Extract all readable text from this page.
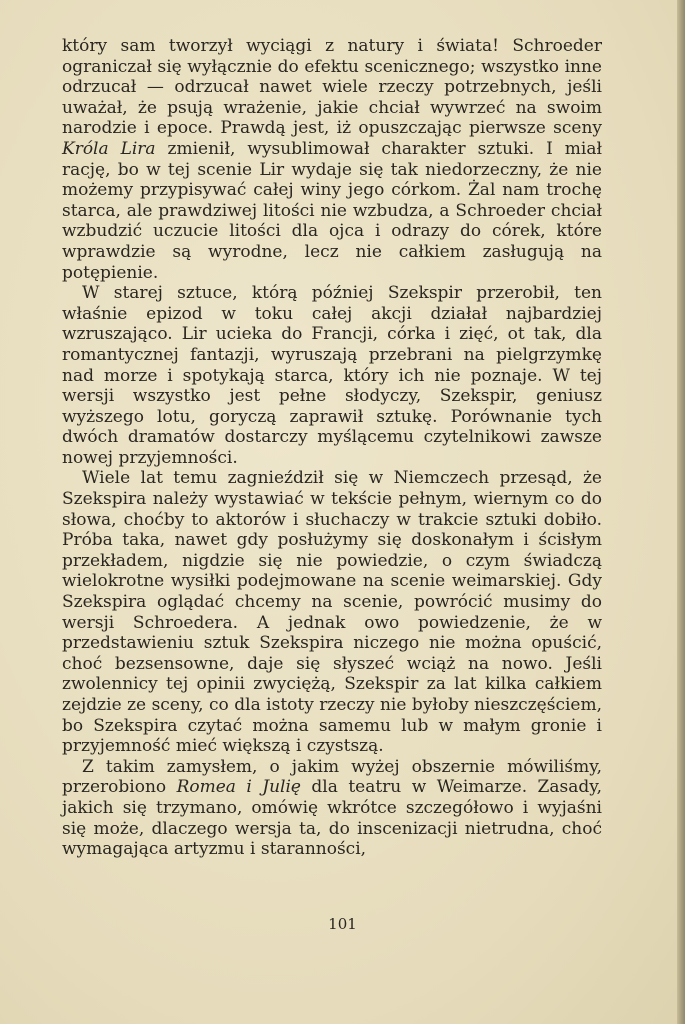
który sam tworzył wyciągi z natury i świata! Schroeder ograniczał się wyłącznie do efektu scenicznego; wszystko inne odrzucał — odrzucał nawet wiele rzeczy potrzebnych, jeśli uważał, że psują wrażenie, jakie chciał wywrzeć na swoim narodzie i epoce. Prawdą jest, iż opuszczając pierwsze sceny Króla Lira zmienił, wysublimował charakter sztuki. I miał rację, bo w tej scenie Lir wydaje się tak niedorzeczny, że nie możemy przypisywać całej winy jego córkom. Żal nam trochę starca, ale prawdziwej litości nie wzbudza, a Schroeder chciał wzbudzić uczucie litości dla ojca i odrazy do córek, które wprawdzie są wyrodne, lecz nie całkiem zasługują na potępienie.

W starej sztuce, którą później Szekspir przerobił, ten właśnie epizod w toku całej akcji działał najbardziej wzruszająco. Lir ucieka do Francji, córka i zięć, ot tak, dla romantycznej fantazji, wyruszają przebrani na pielgrzymkę nad morze i spotykają starca, który ich nie poznaje. W tej wersji wszystko jest pełne słodyczy, Szekspir, geniusz wyższego lotu, goryczą zaprawił sztukę. Porównanie tych dwóch dramatów dostarczy myślącemu czytelnikowi zawsze nowej przyjemności.

Wiele lat temu zagnieździł się w Niemczech przesąd, że Szekspira należy wystawiać w tekście pełnym, wiernym co do słowa, choćby to aktorów i słuchaczy w trakcie sztuki dobiło. Próba taka, nawet gdy posłużymy się doskonałym i ścisłym przekładem, nigdzie się nie powiedzie, o czym świadczą wielokrotne wysiłki podejmowane na scenie weimarskiej. Gdy Szekspira oglądać chcemy na scenie, powrócić musimy do wersji Schroedera. A jednak owo powiedzenie, że w przedstawieniu sztuk Szekspira niczego nie można opuścić, choć bezsensowne, daje się słyszeć wciąż na nowo. Jeśli zwolennicy tej opinii zwyciężą, Szekspir za lat kilka całkiem zejdzie ze sceny, co dla istoty rzeczy nie byłoby nieszczęściem, bo Szekspira czytać można samemu lub w małym gronie i przyjemność mieć większą i czystszą.

Z takim zamysłem, o jakim wyżej obszernie mówiliśmy, przerobiono Romea i Julię dla teatru w Weimarze. Zasady, jakich się trzymano, omówię wkrótce szczegółowo i wyjaśni się może, dlaczego wersja ta, do inscenizacji nietrudna, choć wymagająca artyzmu i staranności,

101
